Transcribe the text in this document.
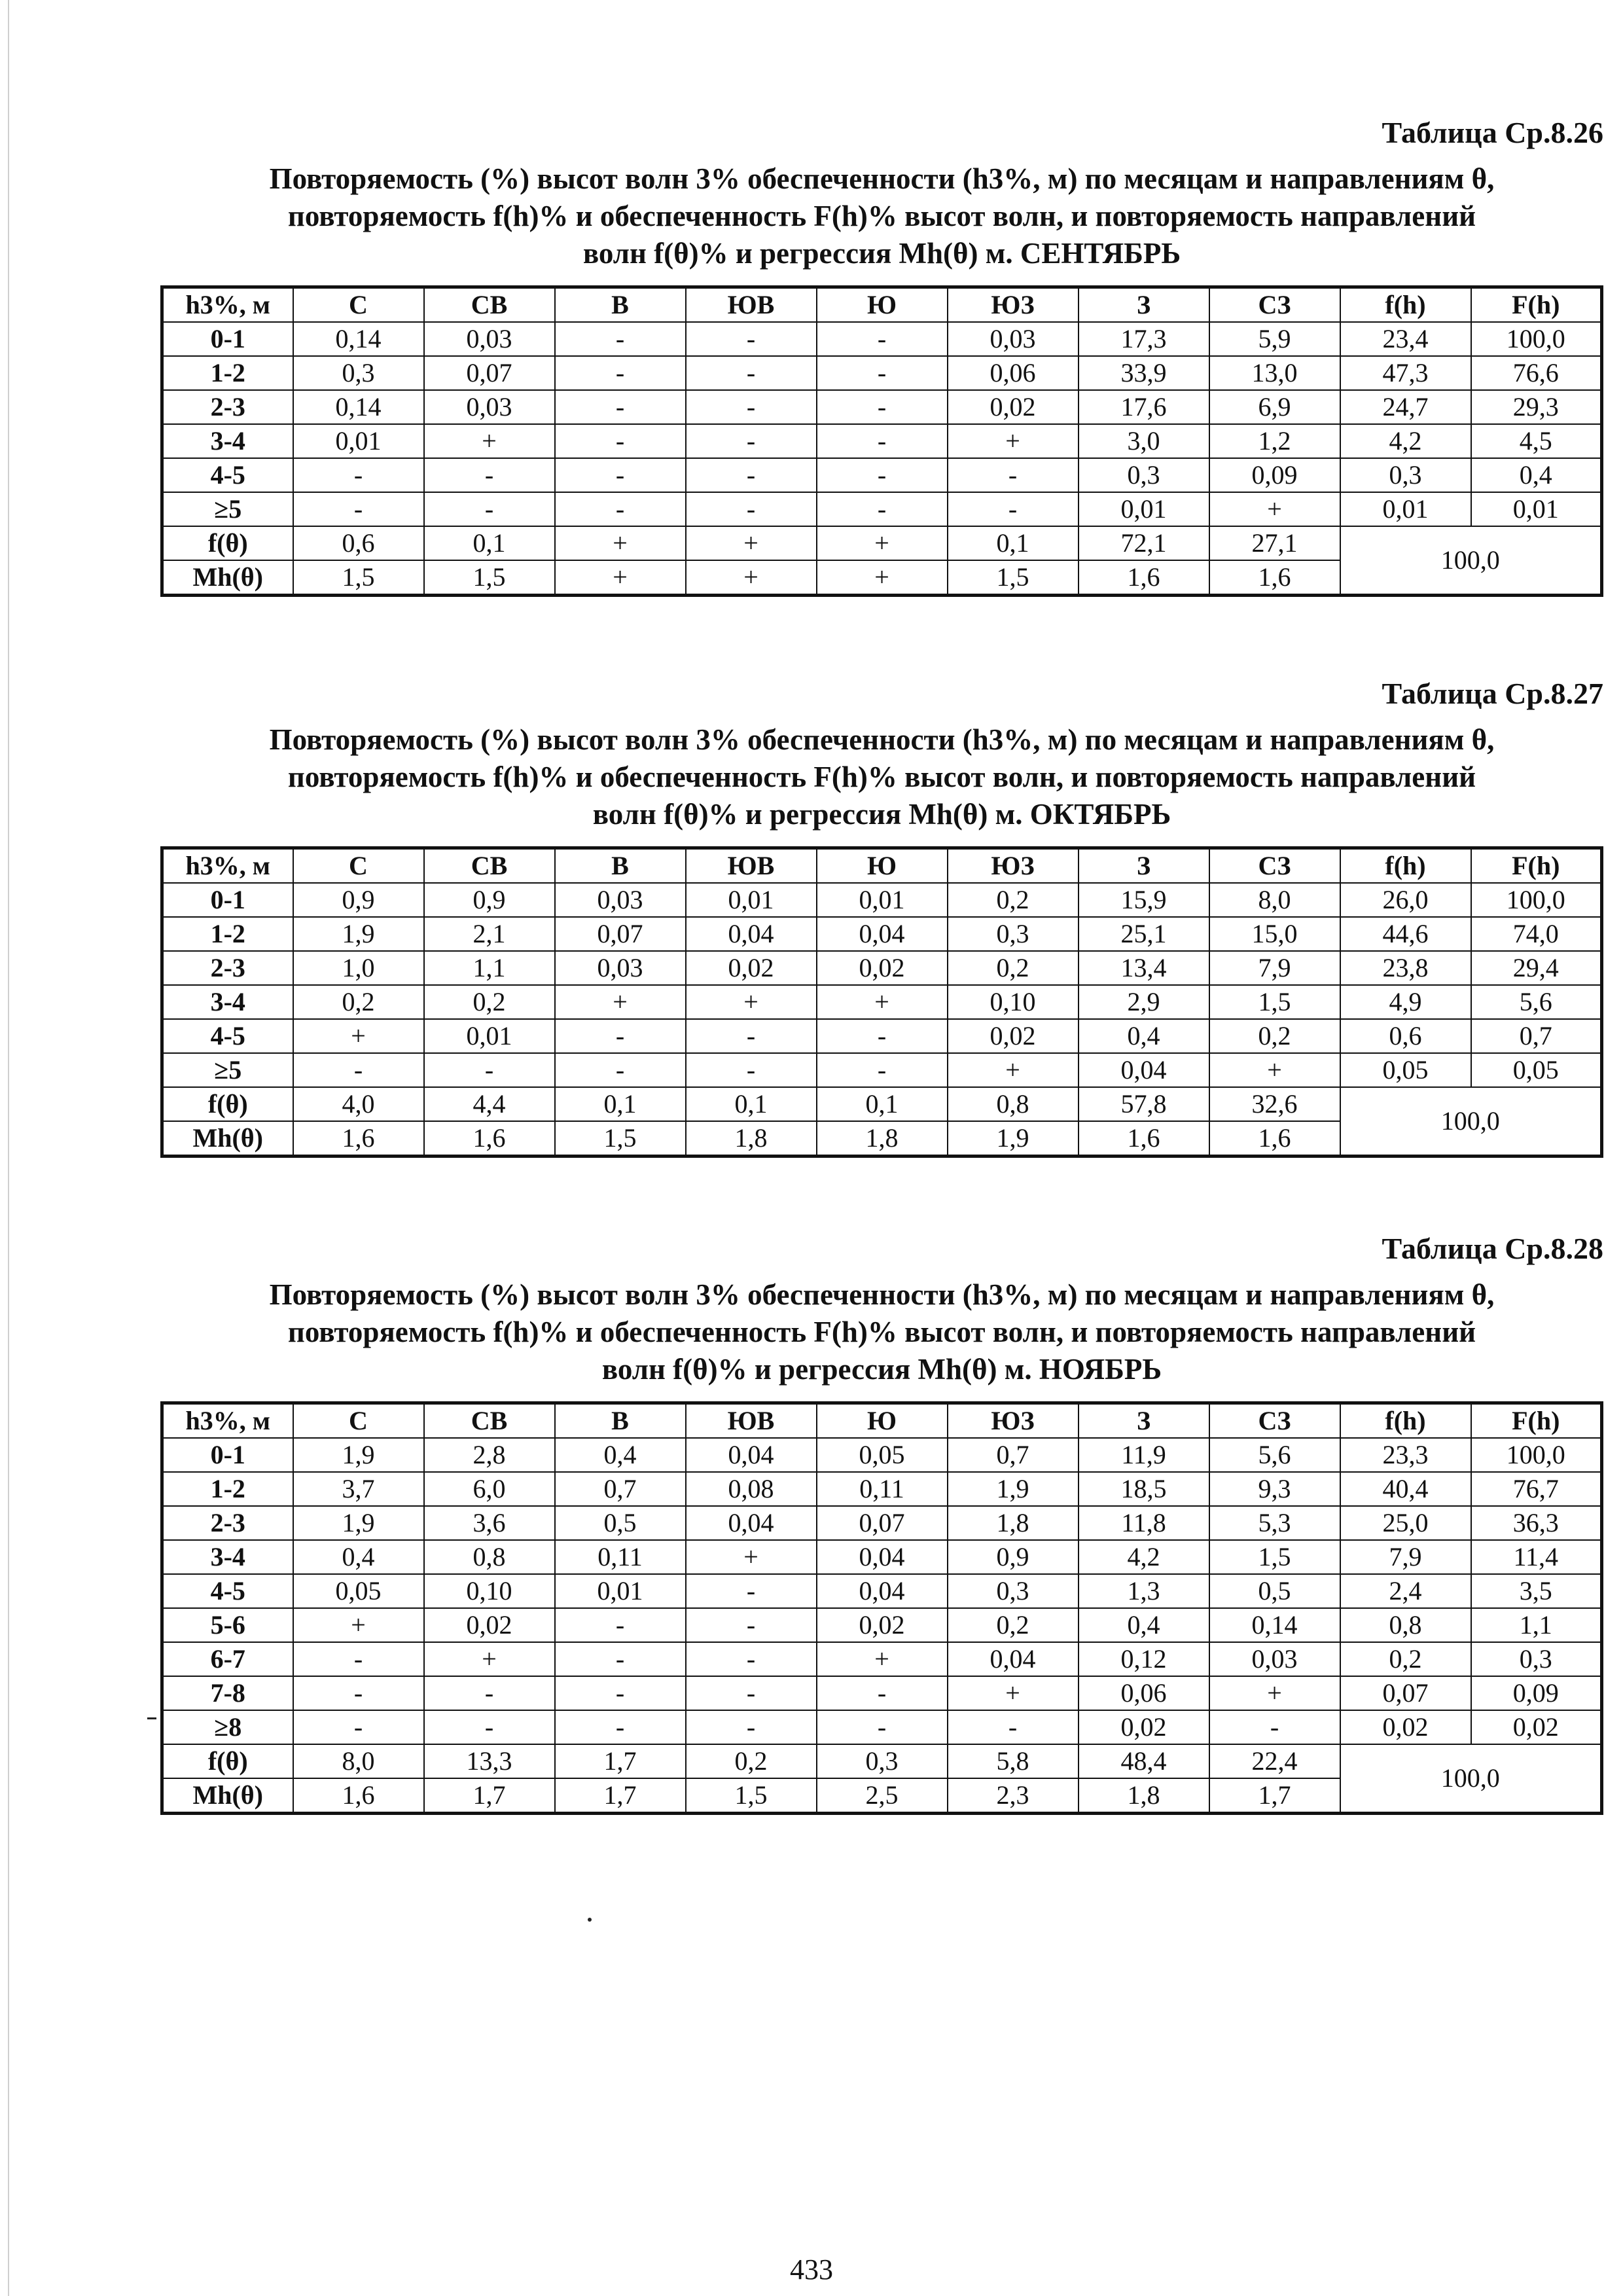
Таблица Ср.8.26
Повторяемость (%) высот волн 3% обеспеченности (h3%, м) по месяцам и направлениям θ,
повторяемость f(h)% и обеспеченность F(h)% высот волн, и повторяемость направлений
волн f(θ)% и регрессия Mh(θ) м. СЕНТЯБРЬ
h3%, м	С	СВ	В	ЮВ	Ю	ЮЗ	З	СЗ	f(h)	F(h)
0-1	0,14	0,03	-	-	-	0,03	17,3	5,9	23,4	100,0
1-2	0,3	0,07	-	-	-	0,06	33,9	13,0	47,3	76,6
2-3	0,14	0,03	-	-	-	0,02	17,6	6,9	24,7	29,3
3-4	0,01	+	-	-	-	+	3,0	1,2	4,2	4,5
4-5	-	-	-	-	-	-	0,3	0,09	0,3	0,4
≥5	-	-	-	-	-	-	0,01	+	0,01	0,01
f(θ)	0,6	0,1	+	+	+	0,1	72,1	27,1	100,0	
Mh(θ)	1,5	1,5	+	+	+	1,5	1,6	1,6		
Таблица Ср.8.27
Повторяемость (%) высот волн 3% обеспеченности (h3%, м) по месяцам и направлениям θ,
повторяемость f(h)% и обеспеченность F(h)% высот волн, и повторяемость направлений
волн f(θ)% и регрессия Mh(θ) м. ОКТЯБРЬ
h3%, м	С	СВ	В	ЮВ	Ю	ЮЗ	З	СЗ	f(h)	F(h)
0-1	0,9	0,9	0,03	0,01	0,01	0,2	15,9	8,0	26,0	100,0
1-2	1,9	2,1	0,07	0,04	0,04	0,3	25,1	15,0	44,6	74,0
2-3	1,0	1,1	0,03	0,02	0,02	0,2	13,4	7,9	23,8	29,4
3-4	0,2	0,2	+	+	+	0,10	2,9	1,5	4,9	5,6
4-5	+	0,01	-	-	-	0,02	0,4	0,2	0,6	0,7
≥5	-	-	-	-	-	+	0,04	+	0,05	0,05
f(θ)	4,0	4,4	0,1	0,1	0,1	0,8	57,8	32,6	100,0	
Mh(θ)	1,6	1,6	1,5	1,8	1,8	1,9	1,6	1,6		
Таблица Ср.8.28
Повторяемость (%) высот волн 3% обеспеченности (h3%, м) по месяцам и направлениям θ,
повторяемость f(h)% и обеспеченность F(h)% высот волн, и повторяемость направлений
волн f(θ)% и регрессия Mh(θ) м. НОЯБРЬ
h3%, м	С	СВ	В	ЮВ	Ю	ЮЗ	З	СЗ	f(h)	F(h)
0-1	1,9	2,8	0,4	0,04	0,05	0,7	11,9	5,6	23,3	100,0
1-2	3,7	6,0	0,7	0,08	0,11	1,9	18,5	9,3	40,4	76,7
2-3	1,9	3,6	0,5	0,04	0,07	1,8	11,8	5,3	25,0	36,3
3-4	0,4	0,8	0,11	+	0,04	0,9	4,2	1,5	7,9	11,4
4-5	0,05	0,10	0,01	-	0,04	0,3	1,3	0,5	2,4	3,5
5-6	+	0,02	-	-	0,02	0,2	0,4	0,14	0,8	1,1
6-7	-	+	-	-	+	0,04	0,12	0,03	0,2	0,3
7-8	-	-	-	-	-	+	0,06	+	0,07	0,09
≥8	-	-	-	-	-	-	0,02	-	0,02	0,02
f(θ)	8,0	13,3	1,7	0,2	0,3	5,8	48,4	22,4	100,0	
Mh(θ)	1,6	1,7	1,7	1,5	2,5	2,3	1,8	1,7		
433
